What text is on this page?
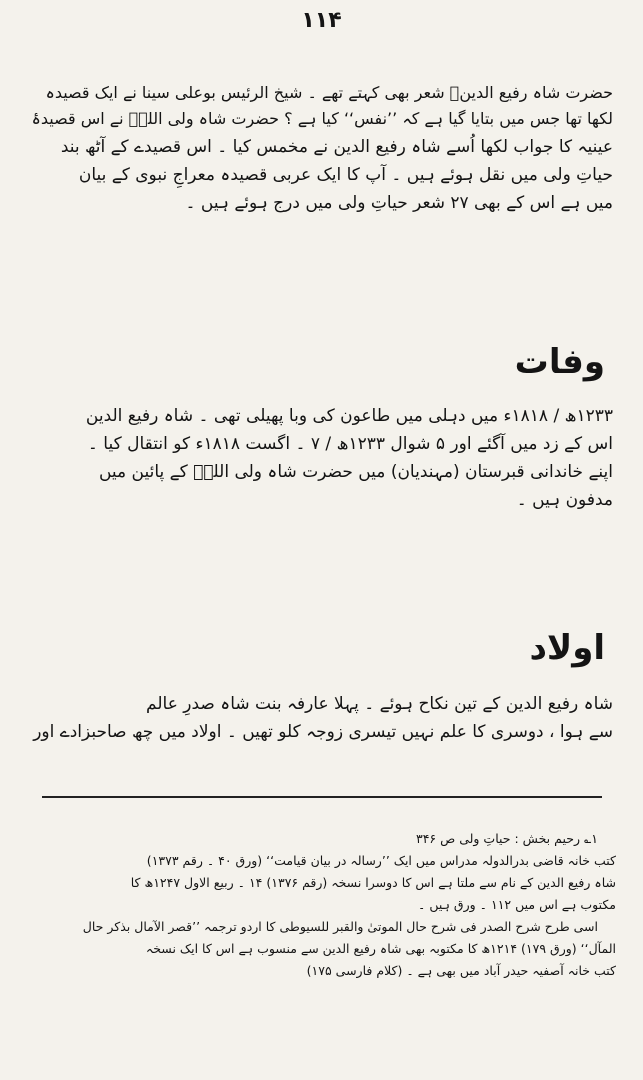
۱۱۴
حضرت شاہ رفیع الدینؒ شعر بھی کہتے تھے ۔ شیخ الرئیس بوعلی سینا نے ایک قصیدہ
لکھا تھا جس میں بتایا گیا ہے کہ ’’نفس‘‘ کیا ہے ؟ حضرت شاہ ولی اللہؒ نے اس قصیدۂ
عینیہ کا جواب لکھا اُسے شاہ رفیع الدین نے مخمس کیا ۔ اس قصیدے کے آٹھ بند
حیاتِ ولی میں نقل ہوئے ہیں ۔ آپ کا ایک عربی قصیدہ معراجِ نبوی کے بیان
میں ہے اس کے بھی ۲۷ شعر حیاتِ ولی میں درج ہوئے ہیں ۔
وفات
۱۲۳۳ھ / ۱۸۱۸ء میں دہلی میں طاعون کی وبا پھیلی تھی ۔ شاہ رفیع الدین
اس کے زد میں آگئے اور ۵ شوال ۱۲۳۳ھ / ۷ ۔ اگست ۱۸۱۸ء کو انتقال کیا ۔
اپنے خاندانی قبرستان (مہندیان) میں حضرت شاہ ولی اللہؒ کے پائین میں
مدفون ہیں ۔
اولاد
شاہ رفیع الدین کے تین نکاح ہوئے ۔ پہلا عارفہ بنت شاہ صدرِ عالم
سے ہوا ، دوسری کا علم نہیں تیسری زوجہ کلو تھیں ۔ اولاد میں چھ صاحبزادے اور
۱؎ رحیم بخش : حیاتِ ولی ص ۳۴۶
کتب خانہ قاضی بدرالدولہ مدراس میں ایک ’’رسالہ در بیان قیامت‘‘ (ورق ۴۰ ۔ رقم ۱۳۷۳)
شاہ رفیع الدین کے نام سے ملتا ہے اس کا دوسرا نسخہ (رقم ۱۳۷۶) ۱۴ ۔ ربیع الاول ۱۲۴۷ھ کا
مکتوب ہے اس میں ۱۱۲ ۔ ورق ہیں ۔
اسی طرح شرح الصدر فی شرح حال الموتیٰ والقبر للسیوطی کا اردو ترجمہ ’’قصر الآمال بذکر حال
المآل‘‘ (ورق ۱۷۹) ۱۲۱۴ھ کا مکتوبہ بھی شاہ رفیع الدین سے منسوب ہے اس کا ایک نسخہ
کتب خانہ آصفیہ حیدر آباد میں بھی ہے ۔ (کلام فارسی ۱۷۵)
